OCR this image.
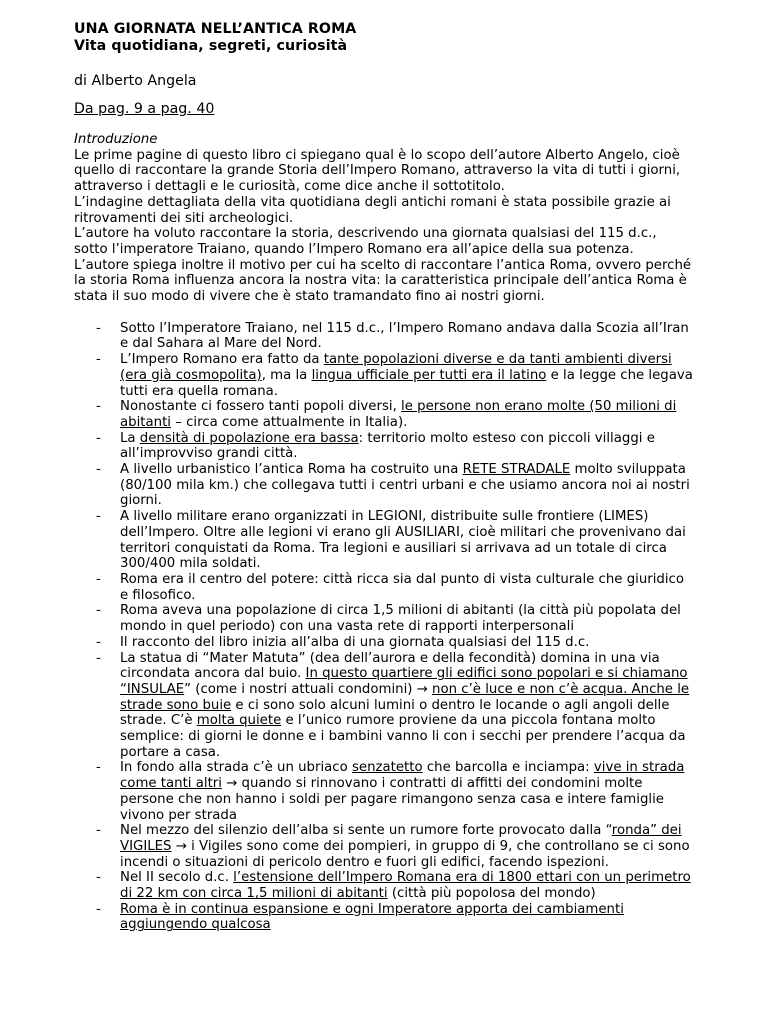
UNA GIORNATA NELL’ANTICA ROMA
Vita quotidiana, segreti, curiosità
di Alberto Angela
Da pag. 9 a pag. 40
Introduzione

Le prime pagine di questo libro ci spiegano qual è lo scopo dell’autore Alberto Angelo, cioè quello di raccontare la grande Storia dell’Impero Romano, attraverso la vita di tutti i giorni, attraverso i dettagli e le curiosità, come dice anche il sottotitolo.

L’indagine dettagliata della vita quotidiana degli antichi romani è stata possibile grazie ai ritrovamenti dei siti archeologici.

L’autore ha voluto raccontare la storia, descrivendo una giornata qualsiasi del 115 d.c., sotto l’imperatore Traiano, quando l’Impero Romano era all’apice della sua potenza.

L’autore spiega inoltre il motivo per cui ha scelto di raccontare l’antica Roma, ovvero perché la storia Roma influenza ancora la nostra vita: la caratteristica principale dell’antica Roma è stata il suo modo di vivere che è stato tramandato fino ai nostri giorni.

- Sotto l’Imperatore Traiano, nel 115 d.c., l’Impero Romano andava dalla Scozia all’Iran e dal Sahara al Mare del Nord.
- L’Impero Romano era fatto da tante popolazioni diverse e da tanti ambienti diversi (era già cosmopolita), ma la lingua ufficiale per tutti era il latino e la legge che legava tutti era quella romana.
- Nonostante ci fossero tanti popoli diversi, le persone non erano molte (50 milioni di abitanti – circa come attualmente in Italia).
- La densità di popolazione era bassa: territorio molto esteso con piccoli villaggi e all’improvviso grandi città.
- A livello urbanistico l’antica Roma ha costruito una RETE STRADALE molto sviluppata (80/100 mila km.) che collegava tutti i centri urbani e che usiamo ancora noi ai nostri giorni.
- A livello militare erano organizzati in LEGIONI, distribuite sulle frontiere (LIMES) dell’Impero. Oltre alle legioni vi erano gli AUSILIARI, cioè militari che provenivano dai territori conquistati da Roma. Tra legioni e ausiliari si arrivava ad un totale di circa 300/400 mila soldati.
- Roma era il centro del potere: città ricca sia dal punto di vista culturale che giuridico e filosofico.
- Roma aveva una popolazione di circa 1,5 milioni di abitanti (la città più popolata del mondo in quel periodo) con una vasta rete di rapporti interpersonali
- Il racconto del libro inizia all’alba di una giornata qualsiasi del 115 d.c.
- La statua di “Mater Matuta” (dea dell’aurora e della fecondità) domina in una via circondata ancora dal buio. In questo quartiere gli edifici sono popolari e si chiamano “INSULAE” (come i nostri attuali condomini) → non c’è luce e non c’è acqua. Anche le strade sono buie e ci sono solo alcuni lumini o dentro le locande o agli angoli delle strade. C’è molta quiete e l’unico rumore proviene da una piccola fontana molto semplice: di giorni le donne e i bambini vanno li con i secchi per prendere l’acqua da portare a casa.
- In fondo alla strada c’è un ubriaco senzatetto che barcolla e inciampa: vive in strada come tanti altri → quando si rinnovano i contratti di affitti dei condomini molte persone che non hanno i soldi per pagare rimangono senza casa e intere famiglie vivono per strada
- Nel mezzo del silenzio dell’alba si sente un rumore forte provocato dalla “ronda” dei VIGILES → i Vigiles sono come dei pompieri, in gruppo di 9, che controllano se ci sono incendi o situazioni di pericolo dentro e fuori gli edifici, facendo ispezioni.
- Nel II secolo d.c. l’estensione dell’Impero Romana era di 1800 ettari con un perimetro di 22 km con circa 1,5 milioni di abitanti (città più popolosa del mondo)
- Roma è in continua espansione e ogni Imperatore apporta dei cambiamenti aggiungendo qualcosa
